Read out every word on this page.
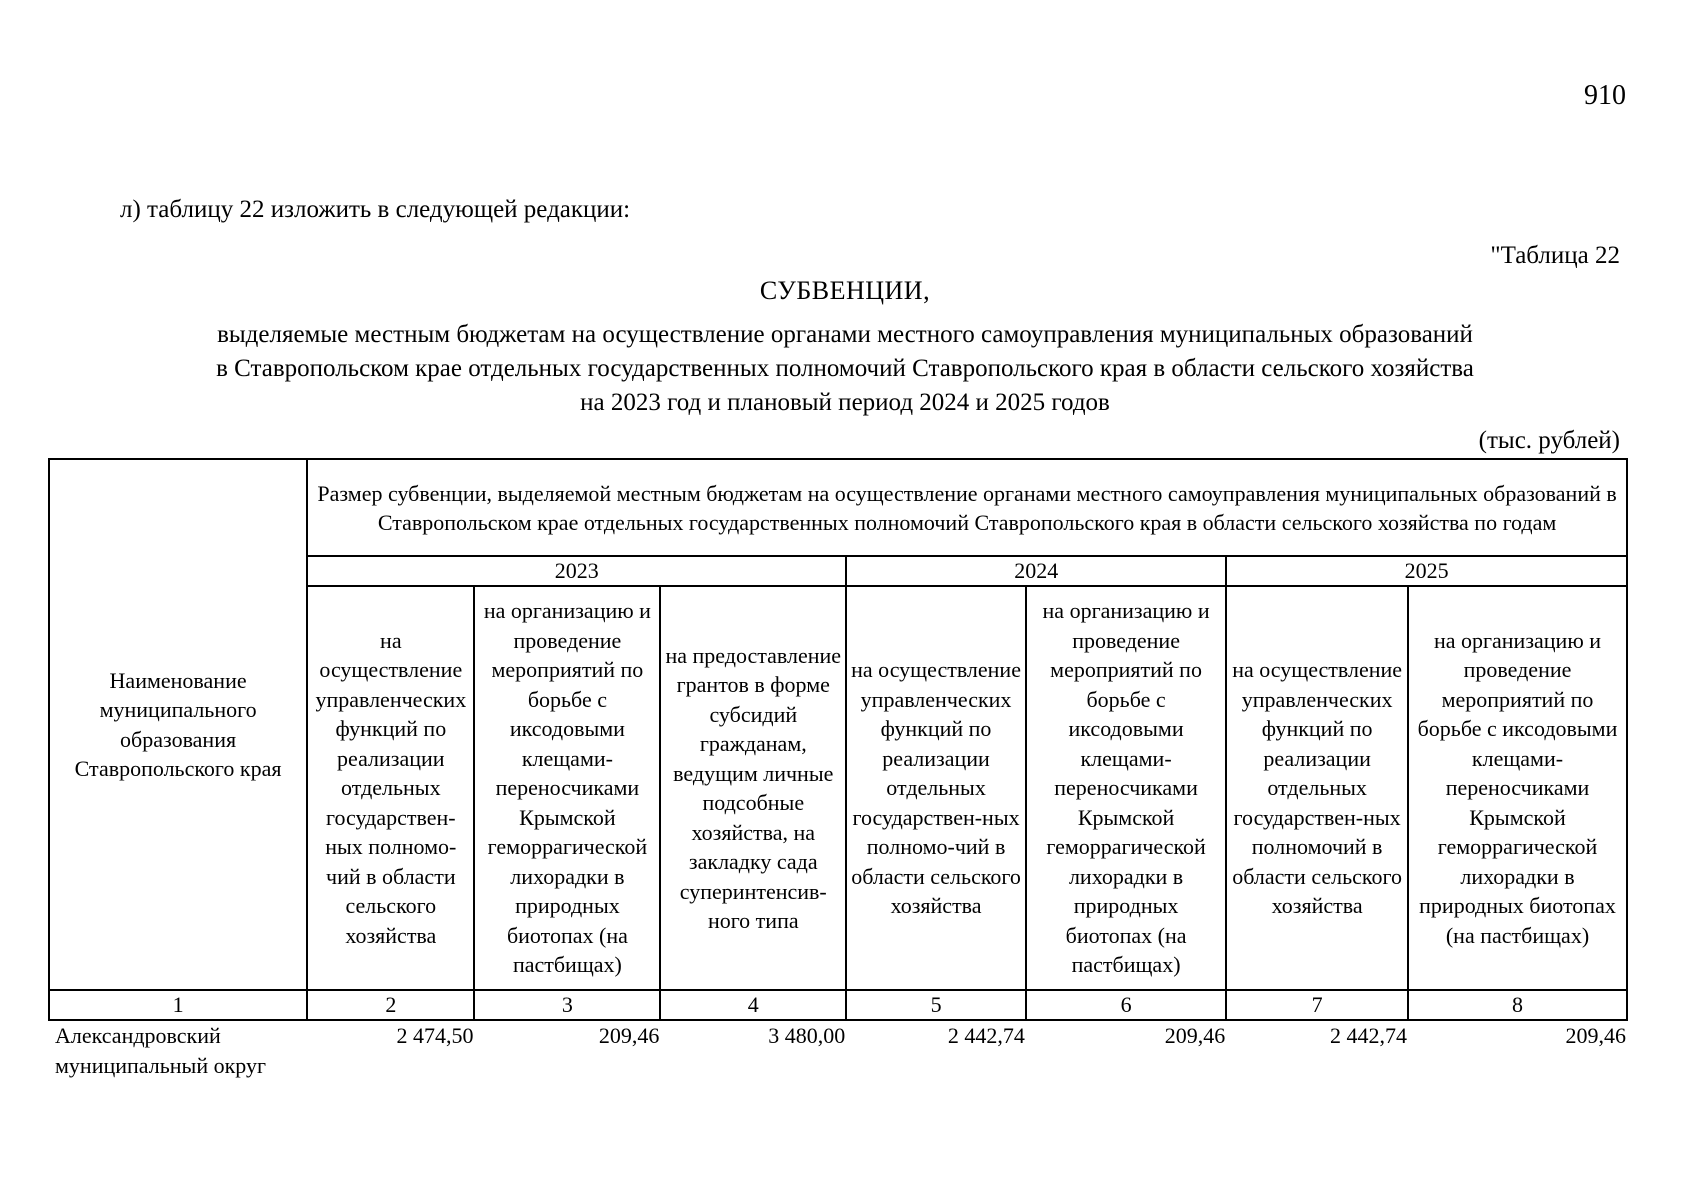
910
л) таблицу 22 изложить в следующей редакции:
"Таблица 22
СУБВЕНЦИИ,
выделяемые местным бюджетам на осуществление органами местного самоуправления муниципальных образований
в Ставропольском крае отдельных государственных полномочий Ставропольского края в области сельского хозяйства
на 2023 год и плановый период 2024 и 2025 годов
(тыс. рублей)
Наименование муниципального образования Ставропольского края	Размер субвенции, выделяемой местным бюджетам на осуществление органами местного самоуправления муниципальных образований в Ставропольском крае отдельных государственных полномочий Ставропольского края в области сельского хозяйства по годам						
	2023			2024		2025	
	на осуществление управленческих функций по реализации отдельных государствен-ных полномо-чий в области сельского хозяйства	на организацию и проведение мероприятий по борьбе с иксодовыми клещами-переносчиками Крымской геморрагической лихорадки в природных биотопах (на пастбищах)	на предоставление грантов в форме субсидий гражданам, ведущим личные подсобные хозяйства, на закладку сада суперинтенсив-ного типа	на осуществление управленческих функций по реализации отдельных государствен-ных полномо-чий в области сельского хозяйства	на организацию и проведение мероприятий по борьбе с иксодовыми клещами-переносчиками Крымской геморрагической лихорадки в природных биотопах (на пастбищах)	на осуществление управленческих функций по реализации отдельных государствен-ных полномочий в области сельского хозяйства	на организацию и проведение мероприятий по борьбе с иксодовыми клещами-переносчиками Крымской геморрагической лихорадки в природных биотопах (на пастбищах)
1	2	3	4	5	6	7	8
Александровский муниципальный округ	2 474,50	209,46	3 480,00	2 442,74	209,46	2 442,74	209,46
